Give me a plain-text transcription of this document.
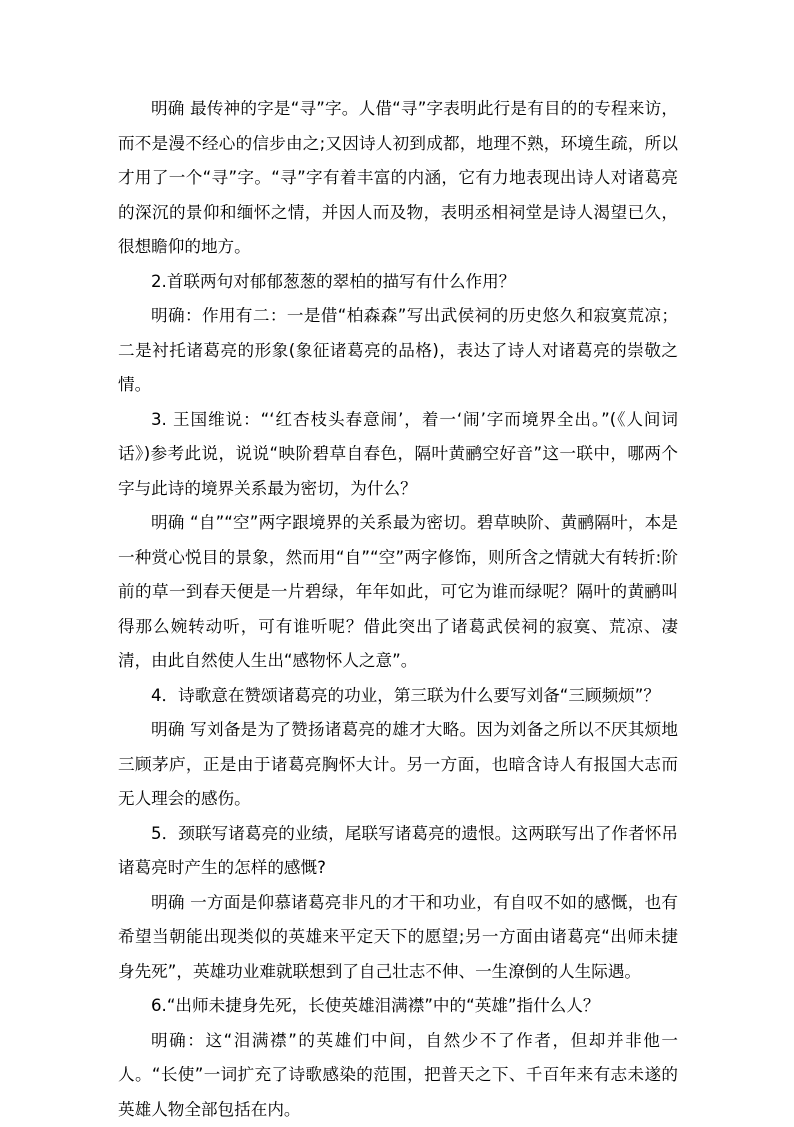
明确 最传神的字是“寻”字。人借“寻”字表明此行是有目的的专程来访，而不是漫不经心的信步由之;又因诗人初到成都，地理不熟，环境生疏，所以才用了一个“寻”字。“寻”字有着丰富的内涵，它有力地表现出诗人对诸葛亮的深沉的景仰和缅怀之情，并因人而及物，表明丞相祠堂是诗人渴望已久，很想瞻仰的地方。

2.首联两句对郁郁葱葱的翠柏的描写有什么作用？

明确：作用有二：一是借“柏森森”写出武侯祠的历史悠久和寂寞荒凉；二是衬托诸葛亮的形象(象征诸葛亮的品格)，表达了诗人对诸葛亮的崇敬之情。

3. 王国维说：“‘红杏枝头春意闹’，着一‘闹’字而境界全出。”(《人间词话》)参考此说，说说“映阶碧草自春色，隔叶黄鹂空好音”这一联中，哪两个字与此诗的境界关系最为密切，为什么？

明确 “自”“空”两字跟境界的关系最为密切。碧草映阶、黄鹂隔叶，本是一种赏心悦目的景象，然而用“自”“空”两字修饰，则所含之情就大有转折:阶前的草一到春天便是一片碧绿，年年如此，可它为谁而绿呢？隔叶的黄鹂叫得那么婉转动听，可有谁听呢？借此突出了诸葛武侯祠的寂寞、荒凉、凄清，由此自然使人生出“感物怀人之意”。

4．诗歌意在赞颂诸葛亮的功业，第三联为什么要写刘备“三顾频烦”？

明确 写刘备是为了赞扬诸葛亮的雄才大略。因为刘备之所以不厌其烦地三顾茅庐，正是由于诸葛亮胸怀大计。另一方面，也暗含诗人有报国大志而无人理会的感伤。

5．颈联写诸葛亮的业绩，尾联写诸葛亮的遗恨。这两联写出了作者怀吊诸葛亮时产生的怎样的感慨?

明确 一方面是仰慕诸葛亮非凡的才干和功业，有自叹不如的感慨，也有希望当朝能出现类似的英雄来平定天下的愿望;另一方面由诸葛亮“出师未捷身先死”，英雄功业难就联想到了自己壮志不伸、一生潦倒的人生际遇。

6.“出师未捷身先死，长使英雄泪满襟”中的“英雄”指什么人？

明确：这“泪满襟”的英雄们中间，自然少不了作者，但却并非他一人。“长使”一词扩充了诗歌感染的范围，把普天之下、千百年来有志未遂的英雄人物全部包括在内。
